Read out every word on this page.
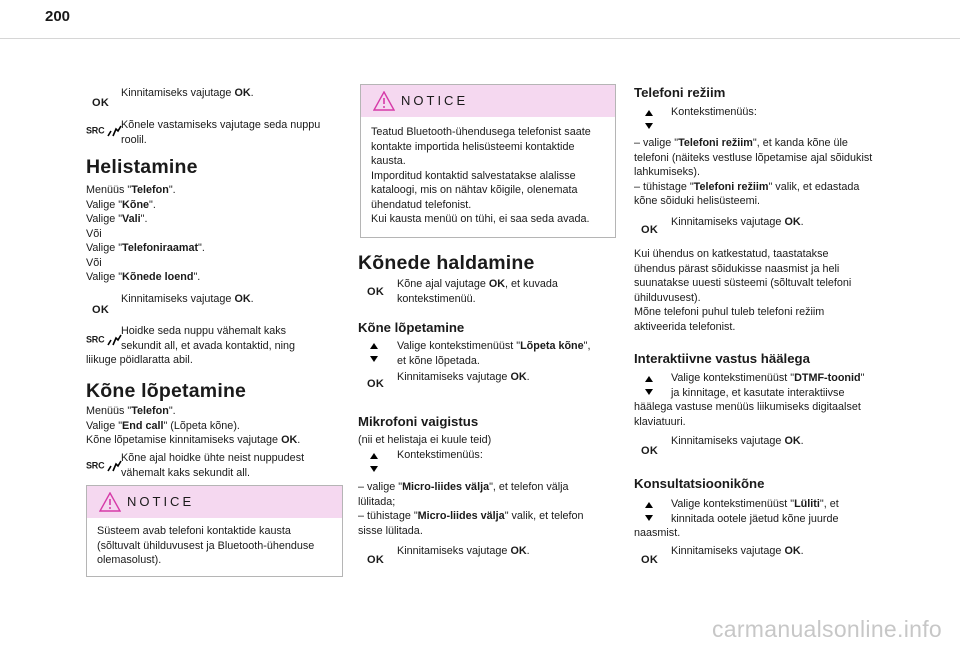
200
OK
Kinnitamiseks vajutage OK.
SRC	Kõnele vastamiseks vajutage seda nuppu
roolil.
Helistamine
Menüüs "Telefon".
Valige "Kõne".
Valige "Vali".
Või
Valige "Telefoniraamat".
Või
Valige "Kõnede loend".
OK
Kinnitamiseks vajutage OK.
SRC
Hoidke seda nuppu vähemalt kaks
sekundit all, et avada kontaktid, ning
liikuge pöidlaratta abil.
Kõne lõpetamine
Menüüs "Telefon".
Valige "End call" (Lõpeta kõne).
Kõne lõpetamise kinnitamiseks vajutage OK.
SRC
Kõne ajal hoidke ühte neist nuppudest
vähemalt kaks sekundit all.
NOTICE
Süsteem avab telefoni kontaktide kausta
(sõltuvalt ühilduvusest ja Bluetooth-ühenduse
olemasolust).
NOTICE
Teatud Bluetooth-ühendusega telefonist saate
kontakte importida helisüsteemi kontaktide
kausta.
Imporditud kontaktid salvestatakse alalisse
kataloogi, mis on nähtav kõigile, olenemata
ühendatud telefonist.
Kui kausta menüü on tühi, ei saa seda avada.
Kõnede haldamine
OK
Kõne ajal vajutage OK, et kuvada
kontekstimenüü.
Kõne lõpetamine
Valige kontekstimenüüst "Lõpeta kõne",
et kõne lõpetada.
OK
Kinnitamiseks vajutage OK.
Mikrofoni vaigistus
(nii et helistaja ei kuule teid)
Kontekstimenüüs:
– valige "Micro-liides välja", et telefon välja
lülitada;
– tühistage "Micro-liides välja" valik, et telefon
sisse lülitada.
OK
Kinnitamiseks vajutage OK.
Telefoni režiim
Kontekstimenüüs:
– valige "Telefoni režiim", et kanda kõne üle
telefoni (näiteks vestluse lõpetamise ajal sõidukist
lahkumiseks).
– tühistage "Telefoni režiim" valik, et edastada
kõne sõiduki helisüsteemi.
OK
Kinnitamiseks vajutage OK.
Kui ühendus on katkestatud, taastatakse
ühendus pärast sõidukisse naasmist ja heli
suunatakse uuesti süsteemi (sõltuvalt telefoni
ühilduvusest).
Mõne telefoni puhul tuleb telefoni režiim
aktiveerida telefonist.
Interaktiivne vastus häälega
Valige kontekstimenüüst "DTMF-toonid"
ja kinnitage, et kasutate interaktiivse
häälega vastuse menüüs liikumiseks digitaalset
klaviatuuri.
OK
Kinnitamiseks vajutage OK.
Konsultatsioonikõne
Valige kontekstimenüüst "Lüliti", et
kinnitada ootele jäetud kõne juurde
naasmist.
OK
Kinnitamiseks vajutage OK.
carmanualsonline.info
